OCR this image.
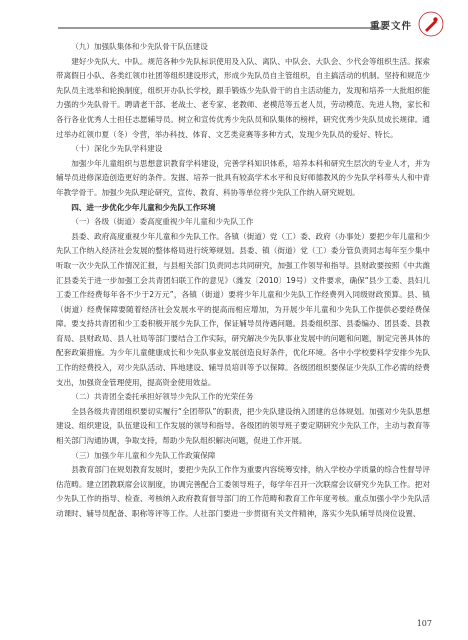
重要文件

（九）加强队集体和少先队骨干队伍建设

建好少先队大、中队。规范各种少先队标识使用及入队、离队、中队会、大队会、少代会等组织生活。探索带离假日小队、各类红领巾社团等组织建设形式，形成少先队员自主管组织，自主搞活动的机制。坚持和规范少先队员主选举和轮换制度，组织开办队长学校，跟手锻炼少先队骨干的自主活动能力，发现和培养一大批组织能力强的少先队骨干。聘请老干部、老战士、老专家、老教师、老模范等五老人员，劳动模范、先进人物，家长和各行各业优秀人士担任志愿辅导员。树立和宣传优秀少先队员和队集体的榜样，研究优秀少先队员成长规律。通过举办红领巾夏（冬）令营，举办科技、体育、文艺类竞赛等多种方式，发现少先队员的爱好、特长。

（十）深化少先队学科建设

加强少年儿童组织与思想意识教育学科建设，完善学科知识体系，培养本科和研究生层次的专业人才，并为辅导员进修深造创造更好的条件。发掘、培养一批具有较高学术水平和良好师德教风的少先队学科带头人和中青年教学骨干。加强少先队理论研究，宣传、教育、科协等单位将少先队工作纳入研究规划。

四、进一步优化少年儿童和少先队工作环境

（一）各级（街道）委高度重视少年儿童和少先队工作

县委、政府高度重视少年儿童和少先队工作。各镇（街道）党（工）委、政府（办事处）要把少年儿童和少先队工作纳入经济社会发展的整体格局进行统筹规划。县委、镇（街道）党（工）委分管负责同志每年至少集中听取一次少先队工作情况汇报，与县相关部门负责同志共同研究，加强工作领导和指导。县财政要按照《中共潍汇县委关于进一步加强工会共青团妇联工作的意见》（潍发〔2010〕19号）文件要求，确保“县少工委、县妇儿工委工作经费每年各不少于2万元”，各镇（街道）要将少年儿童和少先队工作经费列入同级财政预算。县、镇（街道）经费保障要随着经济社会发展水平的提高而相应增加，为开展少年儿童和少先队工作提供必要经费保障。要支持共青团和少工委积极开展少先队工作，保证辅导员待遇问题。县委组织部、县委编办、团县委、县教育局、县财政局、县人社局等部门要结合工作实际，研究解决少先队事业发展中的问题和问题，制定完善具体的配套政策措施。为少年儿童健康成长和少先队事业发展创造良好条件，优化环境。各中小学校要科学安排少先队工作的经费投入，对少先队活动、阵地建设、辅导员培训等予以保障。各级团组织要保证少先队工作必需的经费支出，加强资金管理使用，提高资金使用效益。

（二）共青团全委托承担好领导少先队工作的光荣任务

全县各级共青团组织要切实履行“全团带队”的职责，把少先队建设纳入团建的总体规划。加强对少先队思想建设、组织建设，队伍建设和工作发展的领导和指导。各级团的领导班子要定期研究少先队工作，主动与教育等相关部门沟通协调，争取支持，帮助少先队组织解决问题，促进工作开展。

（三）加强少年儿童和少先队工作政策保障

县教育部门在规划教育发展时，要把少先队工作作为重要内容统筹安排，纳入学校办学质量的综合性督导评估范畴。建立团教联席会议制度，协调完善配合工委领导班子，每学年召开一次联席会议研究少先队工作。把对少先队工作的指导、检查、考核纳入政府教育督导部门的工作范畴和教育工作年度考核。重点加强小学少先队活动课时、辅导员配备、职称等评等工作。人社部门要进一步贯彻有关文件精神，落实少先队辅导员岗位设置、

107
